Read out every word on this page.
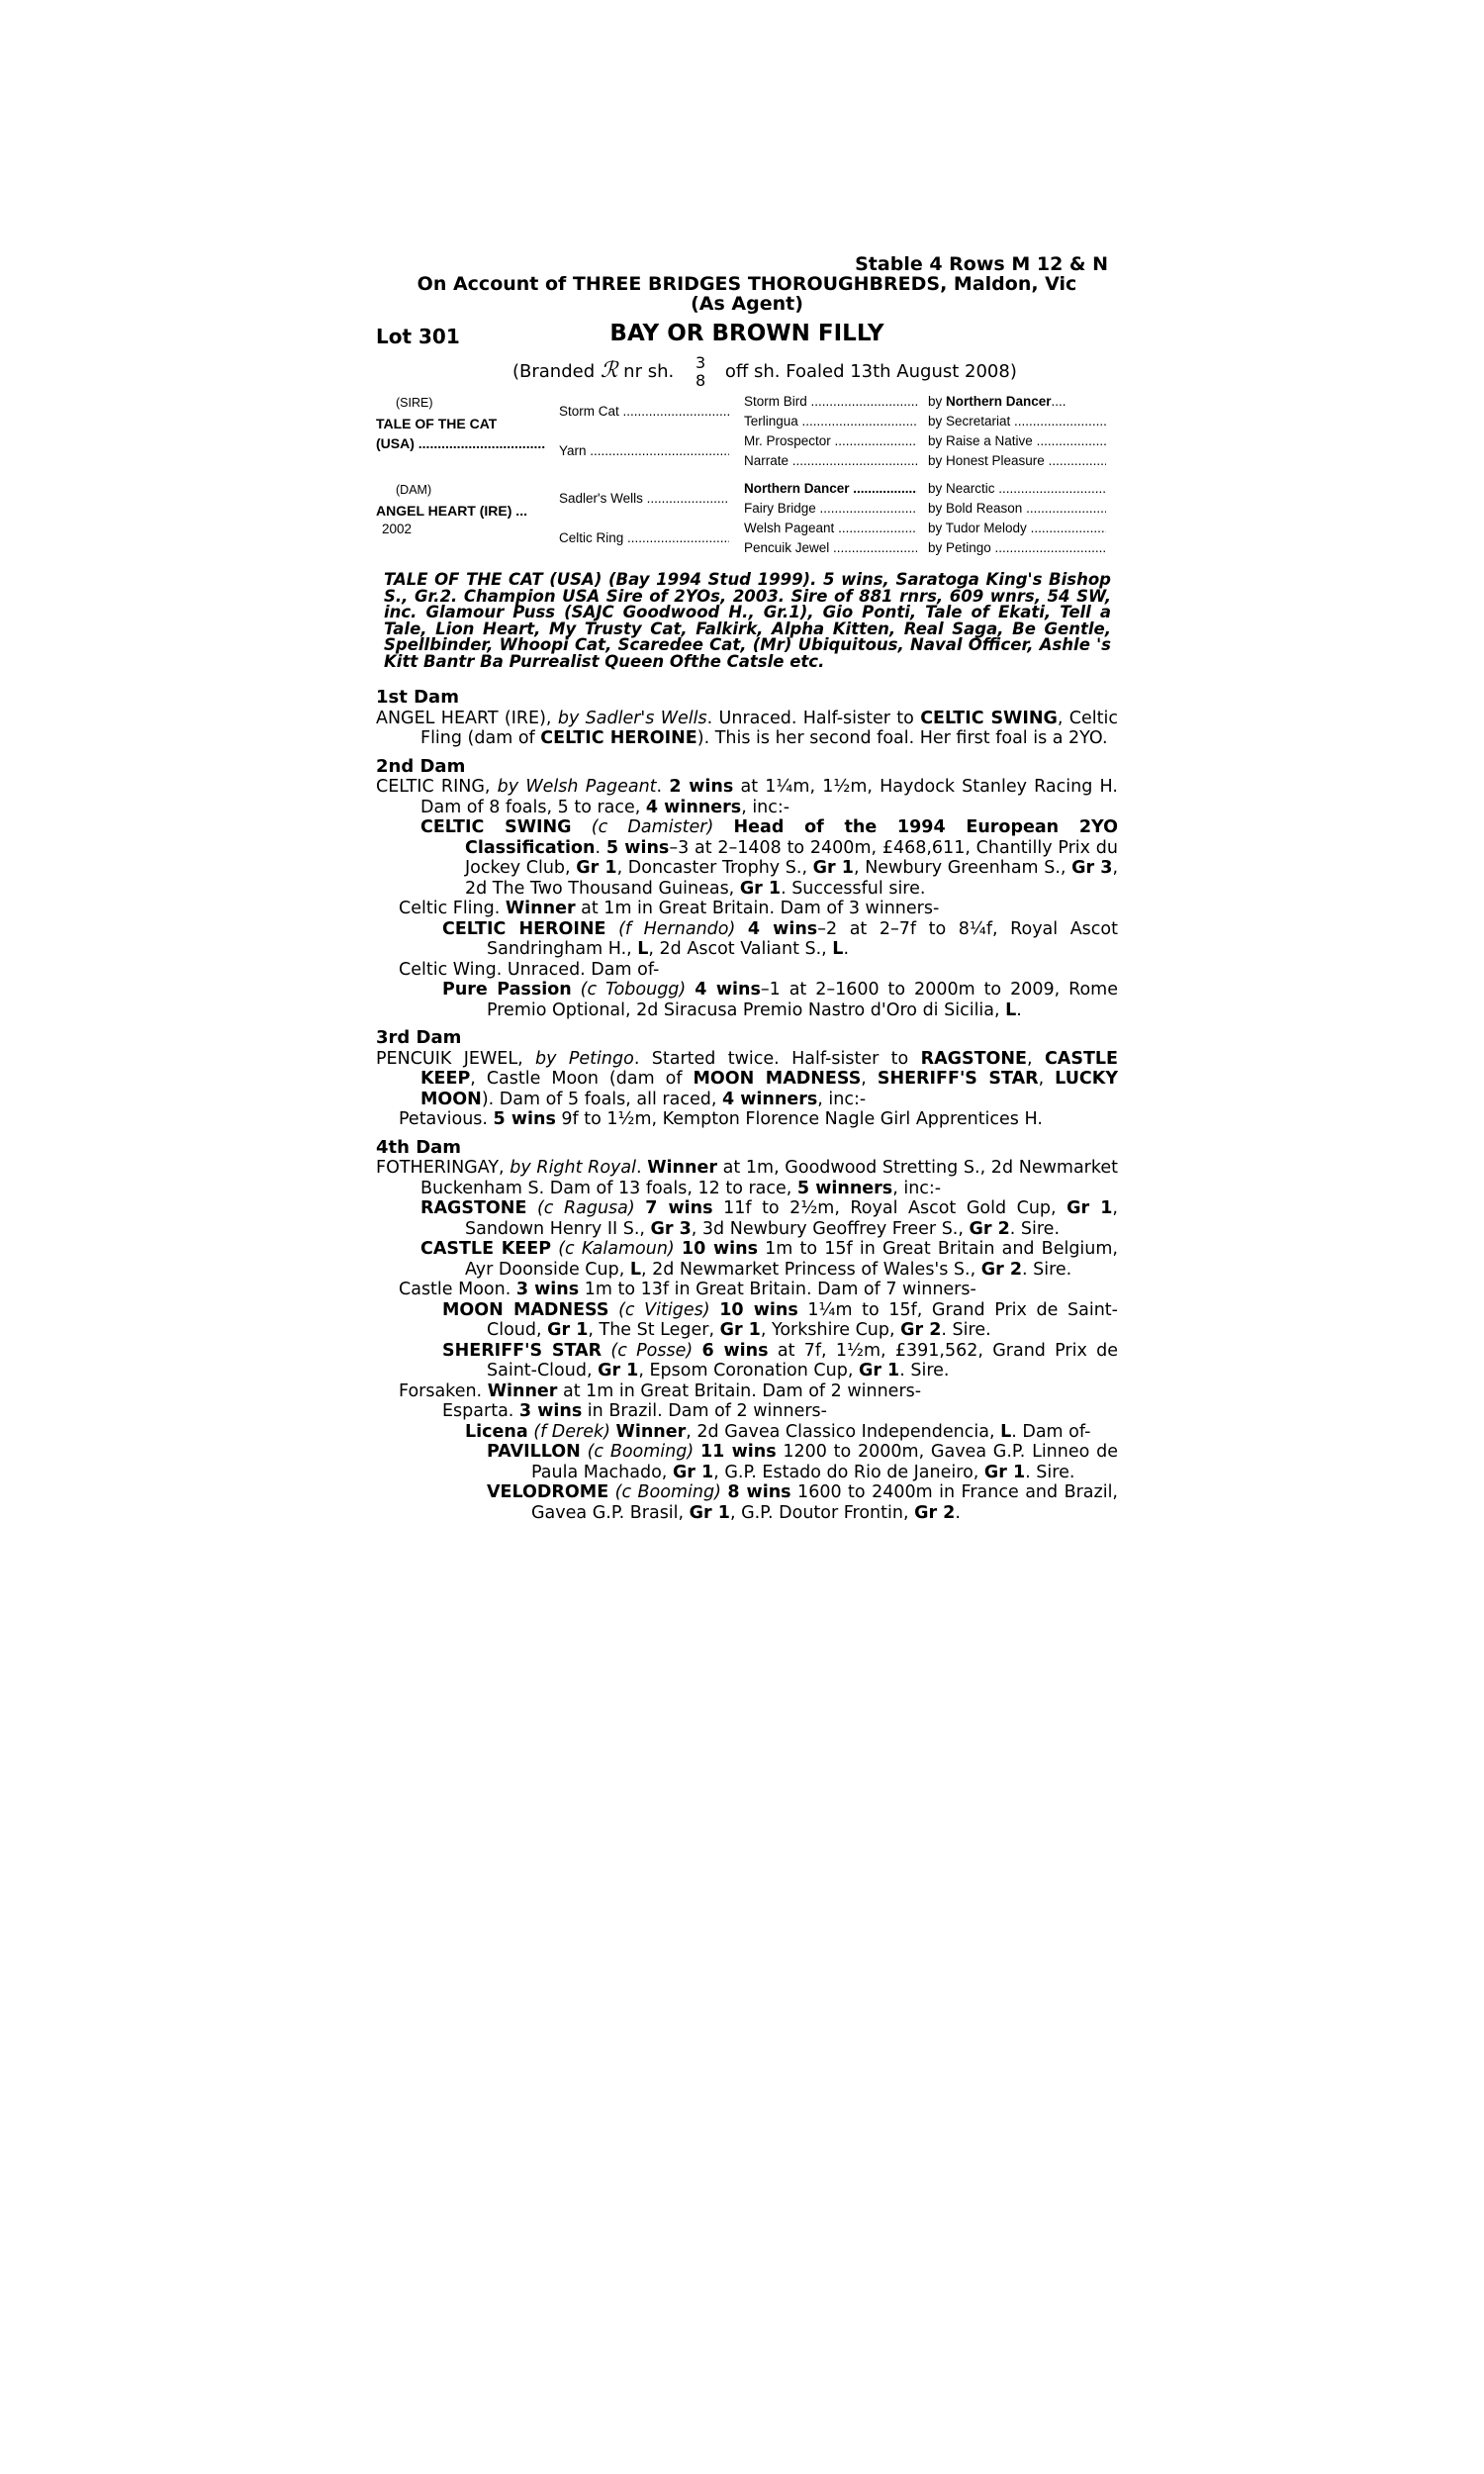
Stable 4 Rows M 12 & N
On Account of THREE BRIDGES THOROUGHBREDS, Maldon, Vic
(As Agent)
Lot 301	BAY OR BROWN FILLY
(Branded ℛ nr sh. 3
8 off sh. Foaled 13th August 2008)
(SIRE)
TALE OF THE CAT
(USA) .....
(DAM)
ANGEL HEART (IRE) ...
2002
Storm Cat .....
Yarn .....
Sadler's Wells .....
Celtic Ring .....
Storm Bird .....
Terlingua .....
Mr. Prospector .....
Narrate .....
Northern Dancer .....
Fairy Bridge .....
Welsh Pageant .....
Pencuik Jewel .....
by Northern Dancer....
by Secretariat .....
by Raise a Native .....
by Honest Pleasure .....
by Nearctic .....
by Bold Reason .....
by Tudor Melody .....
by Petingo .....
TALE OF THE CAT (USA) (Bay 1994 Stud 1999). 5 wins, Saratoga King's Bishop S., Gr.2. Champion USA Sire of 2YOs, 2003. Sire of 881 rnrs, 609 wnrs, 54 SW, inc. Glamour Puss (SAJC Goodwood H., Gr.1), Gio Ponti, Tale of Ekati, Tell a Tale, Lion Heart, My Trusty Cat, Falkirk, Alpha Kitten, Real Saga, Be Gentle, Spellbinder, Whoopi Cat, Scaredee Cat, (Mr) Ubiquitous, Naval Officer, Ashle 's Kitt Bantr Ba Purrealist Queen Ofthe Catsle etc.
1st Dam
ANGEL HEART (IRE), by Sadler's Wells. Unraced. Half-sister to CELTIC SWING, Celtic Fling (dam of CELTIC HEROINE). This is her second foal. Her first foal is a 2YO.
2nd Dam
CELTIC RING, by Welsh Pageant. 2 wins at 1¼m, 1½m, Haydock Stanley Racing H. Dam of 8 foals, 5 to race, 4 winners, inc:-
CELTIC SWING (c Damister) Head of the 1994 European 2YO Classification. 5 wins–3 at 2–1408 to 2400m, £468,611, Chantilly Prix du Jockey Club, Gr 1, Doncaster Trophy S., Gr 1, Newbury Greenham S., Gr 3, 2d The Two Thousand Guineas, Gr 1. Successful sire.
Celtic Fling. Winner at 1m in Great Britain. Dam of 3 winners-
CELTIC HEROINE (f Hernando) 4 wins–2 at 2–7f to 8¼f, Royal Ascot Sandringham H., L, 2d Ascot Valiant S., L.
Celtic Wing. Unraced. Dam of-
Pure Passion (c Tobougg) 4 wins–1 at 2–1600 to 2000m to 2009, Rome Premio Optional, 2d Siracusa Premio Nastro d'Oro di Sicilia, L.
3rd Dam
PENCUIK JEWEL, by Petingo. Started twice. Half-sister to RAGSTONE, CASTLE KEEP, Castle Moon (dam of MOON MADNESS, SHERIFF'S STAR, LUCKY MOON). Dam of 5 foals, all raced, 4 winners, inc:-
Petavious. 5 wins 9f to 1½m, Kempton Florence Nagle Girl Apprentices H.
4th Dam
FOTHERINGAY, by Right Royal. Winner at 1m, Goodwood Stretting S., 2d Newmarket Buckenham S. Dam of 13 foals, 12 to race, 5 winners, inc:-
RAGSTONE (c Ragusa) 7 wins 11f to 2½m, Royal Ascot Gold Cup, Gr 1, Sandown Henry II S., Gr 3, 3d Newbury Geoffrey Freer S., Gr 2. Sire.
CASTLE KEEP (c Kalamoun) 10 wins 1m to 15f in Great Britain and Belgium, Ayr Doonside Cup, L, 2d Newmarket Princess of Wales's S., Gr 2. Sire.
Castle Moon. 3 wins 1m to 13f in Great Britain. Dam of 7 winners-
MOON MADNESS (c Vitiges) 10 wins 1¼m to 15f, Grand Prix de Saint-Cloud, Gr 1, The St Leger, Gr 1, Yorkshire Cup, Gr 2. Sire.
SHERIFF'S STAR (c Posse) 6 wins at 7f, 1½m, £391,562, Grand Prix de Saint-Cloud, Gr 1, Epsom Coronation Cup, Gr 1. Sire.
Forsaken. Winner at 1m in Great Britain. Dam of 2 winners-
Esparta. 3 wins in Brazil. Dam of 2 winners-
Licena (f Derek) Winner, 2d Gavea Classico Independencia, L. Dam of-
PAVILLON (c Booming) 11 wins 1200 to 2000m, Gavea G.P. Linneo de Paula Machado, Gr 1, G.P. Estado do Rio de Janeiro, Gr 1. Sire.
VELODROME (c Booming) 8 wins 1600 to 2400m in France and Brazil, Gavea G.P. Brasil, Gr 1, G.P. Doutor Frontin, Gr 2.
